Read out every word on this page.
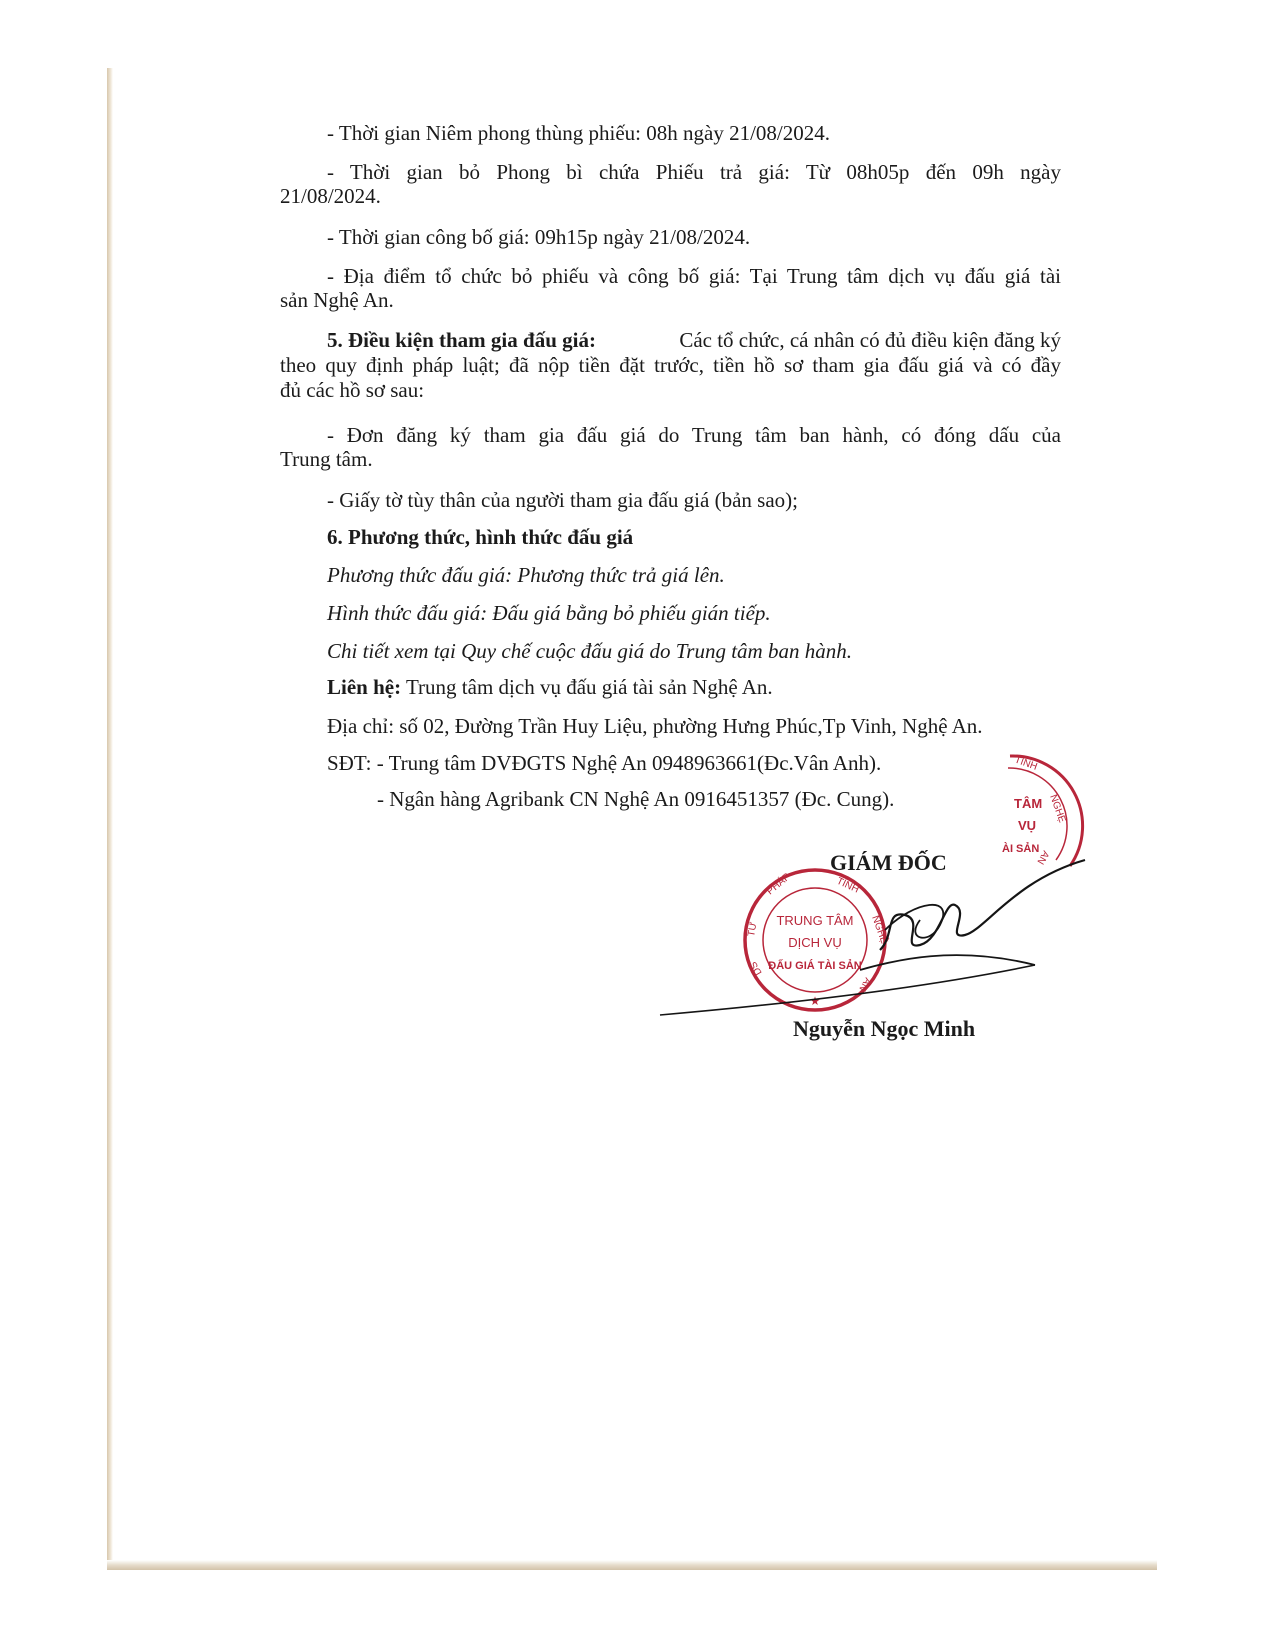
- Thời gian Niêm phong thùng phiếu: 08h ngày 21/08/2024.
- Thời gian bỏ Phong bì chứa Phiếu trả giá: Từ 08h05p đến 09h ngày
21/08/2024.
- Thời gian công bố giá: 09h15p ngày 21/08/2024.
- Địa điểm tổ chức bỏ phiếu và công bố giá: Tại Trung tâm dịch vụ đấu giá tài
sản Nghệ An.
5. Điều kiện tham gia đấu giá:	Các tổ chức, cá nhân có đủ điều kiện đăng ký
theo quy định pháp luật; đã nộp tiền đặt trước, tiền hồ sơ tham gia đấu giá và có đầy
đủ các hồ sơ sau:
- Đơn đăng ký tham gia đấu giá do Trung tâm ban hành, có đóng dấu của
Trung tâm.
- Giấy tờ tùy thân của người tham gia đấu giá (bản sao);
6. Phương thức, hình thức đấu giá
Phương thức đấu giá: Phương thức trả giá lên.
Hình thức đấu giá: Đấu giá bằng bỏ phiếu gián tiếp.
Chi tiết xem tại Quy chế cuộc đấu giá do Trung tâm ban hành.
Liên hệ: Trung tâm dịch vụ đấu giá tài sản Nghệ An.
Địa chỉ: số 02, Đường Trần Huy Liệu, phường Hưng Phúc,Tp Vinh, Nghệ An.
SĐT: - Trung tâm DVĐGTS Nghệ An 0948963661(Đc.Vân Anh).
- Ngân hàng Agribank CN Nghệ An 0916451357 (Đc. Cung).
GIÁM ĐỐC
Nguyễn Ngọc Minh
TỈNH
NGHỆ
AN
TÂM
VỤ
ÀI SẢN
TƯ
PHÁP	TỈNH
NGHỆ
AN
DS
TRUNG TÂM
DỊCH VỤ
ĐẤU GIÁ TÀI SẢN
★
